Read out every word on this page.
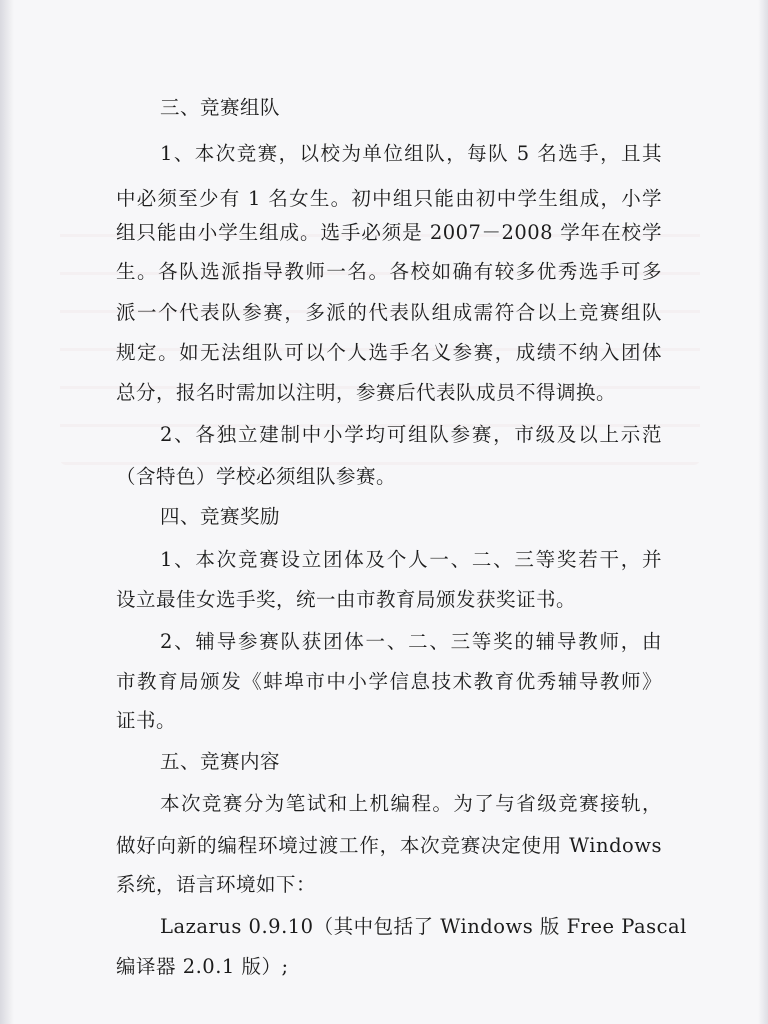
三、竞赛组队
1、本次竞赛，以校为单位组队，每队 5 名选手，且其
中必须至少有 1 名女生。初中组只能由初中学生组成，小学
组只能由小学生组成。选手必须是 2007－2008 学年在校学
生。各队选派指导教师一名。各校如确有较多优秀选手可多
派一个代表队参赛，多派的代表队组成需符合以上竞赛组队
规定。如无法组队可以个人选手名义参赛，成绩不纳入团体
总分，报名时需加以注明，参赛后代表队成员不得调换。
2、各独立建制中小学均可组队参赛，市级及以上示范
（含特色）学校必须组队参赛。
四、竞赛奖励
1、本次竞赛设立团体及个人一、二、三等奖若干，并
设立最佳女选手奖，统一由市教育局颁发获奖证书。
2、辅导参赛队获团体一、二、三等奖的辅导教师，由
市教育局颁发《蚌埠市中小学信息技术教育优秀辅导教师》
证书。
五、竞赛内容
本次竞赛分为笔试和上机编程。为了与省级竞赛接轨，
做好向新的编程环境过渡工作，本次竞赛决定使用 Windows
系统，语言环境如下：
Lazarus 0.9.10（其中包括了 Windows 版 Free Pascal
编译器 2.0.1 版）;
